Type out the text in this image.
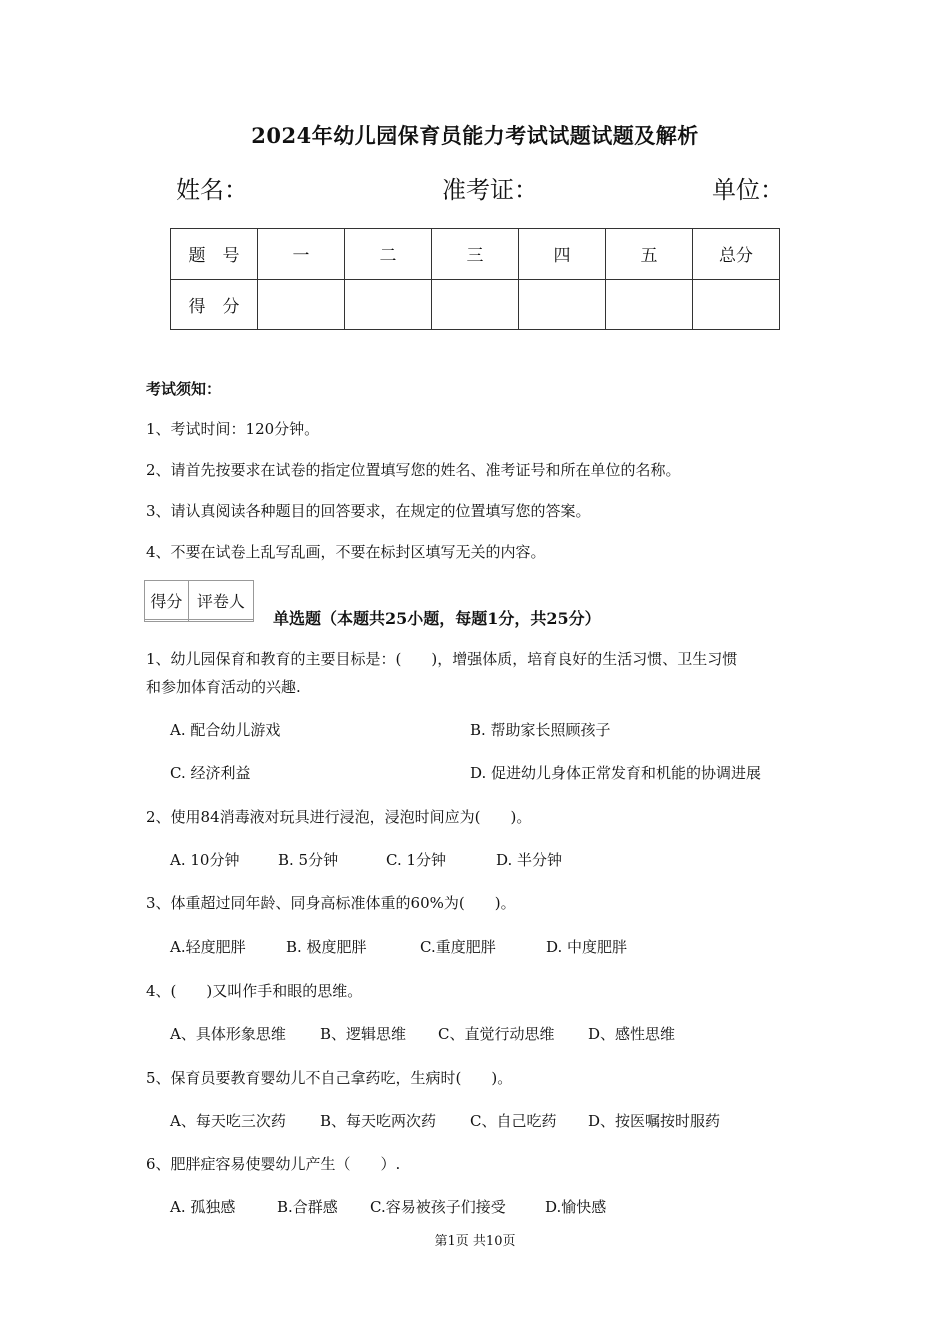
2024年幼儿园保育员能力考试试题试题及解析
姓名：	准考证：	单位：
题　号	一	二	三	四	五	总分
得　分						
考试须知：
1、考试时间：120分钟。
2、请首先按要求在试卷的指定位置填写您的姓名、准考证号和所在单位的名称。
3、请认真阅读各种题目的回答要求，在规定的位置填写您的答案。
4、不要在试卷上乱写乱画，不要在标封区填写无关的内容。
得分	评卷人

单选题（本题共25小题，每题1分，共25分）
1、幼儿园保育和教育的主要目标是：(　　)，增强体质，培育良好的生活习惯、卫生习惯
和参加体育活动的兴趣.
A. 配合幼儿游戏	B. 帮助家长照顾孩子
C. 经济利益	D. 促进幼儿身体正常发育和机能的协调进展
2、使用84消毒液对玩具进行浸泡，浸泡时间应为(　　)。
A. 10分钟	B. 5分钟	C. 1分钟	D. 半分钟
3、体重超过同年龄、同身高标准体重的60%为(　　)。
A.轻度肥胖	B. 极度肥胖	C.重度肥胖	D. 中度肥胖
4、(　　)又叫作手和眼的思维。
A、具体形象思维 B、逻辑思维 C、直觉行动思维 D、感性思维
5、保育员要教育婴幼儿不自己拿药吃，生病时(　　)。
A、每天吃三次药 B、每天吃两次药 C、自己吃药 D、按医嘱按时服药
6、肥胖症容易使婴幼儿产生（　　）.
A. 孤独感	B.合群感 C.容易被孩子们接受	D.愉快感
第1页 共10页
